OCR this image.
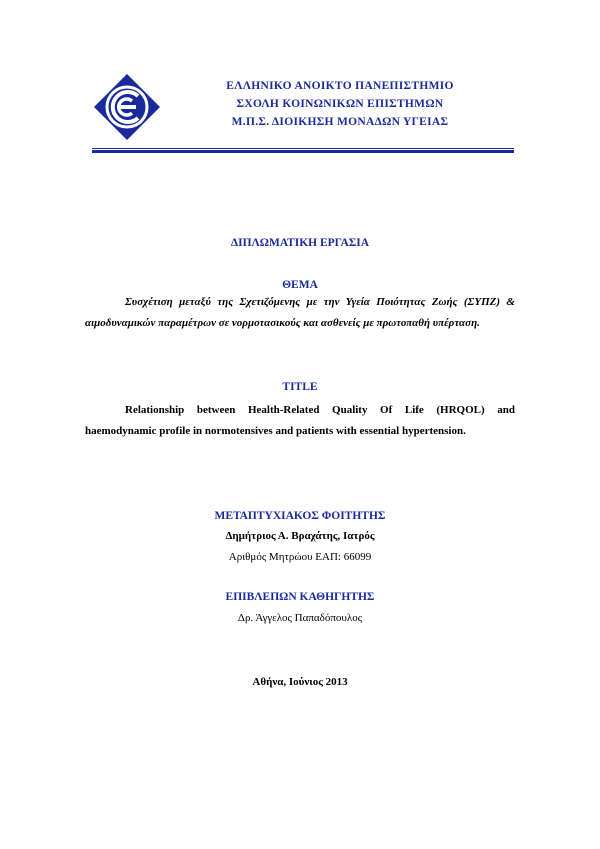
ΕΛΛΗΝΙΚΟ ΑΝΟΙΚΤΟ ΠΑΝΕΠΙΣΤΗΜΙΟ
ΣΧΟΛΗ ΚΟΙΝΩΝΙΚΩΝ ΕΠΙΣΤΗΜΩΝ
Μ.Π.Σ. ΔΙΟΙΚΗΣΗ ΜΟΝΑΔΩΝ ΥΓΕΙΑΣ
ΔΙΠΛΩΜΑΤΙΚΗ ΕΡΓΑΣΙΑ
ΘΕΜΑ
Συσχέτιση μεταξύ της Σχετιζόμενης με την Υγεία Ποιότητας Ζωής (ΣΥΠΖ) & αιμοδυναμικών παραμέτρων σε νορμοτασικούς και ασθενείς με πρωτοπαθή υπέρταση.
TITLE
Relationship between Health-Related Quality Of Life (HRQOL) and haemodynamic profile in normotensives and patients with essential hypertension.
ΜΕΤΑΠΤΥΧΙΑΚΟΣ ΦΟΙΤΗΤΗΣ
Δημήτριος Α. Βραχάτης, Ιατρός
Αριθμός Μητρώου ΕΑΠ: 66099
ΕΠΙΒΛΕΠΩΝ ΚΑΘΗΓΗΤΗΣ
Δρ. Άγγελος Παπαδόπουλος
Αθήνα, Ιούνιος 2013
